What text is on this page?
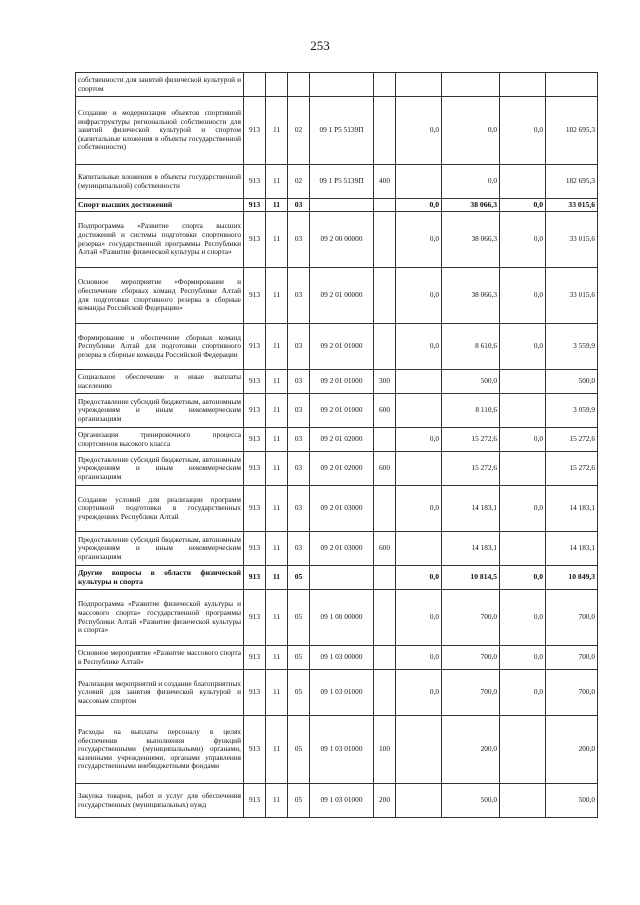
253
собственности для занятий физической культурой и спортом									
Создание и модернизация объектов спортивной инфраструктуры региональной собственности для занятий физической культурой и спортом (капитальные вложения в объекты государственной собственности)	913	11	02	09 1 P5 5139П		0,0	0,0	0,0	182 695,3
Капитальные вложения в объекты государственной (муниципальной) собственности	913	11	02	09 1 P5 5139П	400		0,0		182 695,3
Спорт высших достижений	913	11	03			0,0	38 066,3	0,0	33 015,6
Подпрограмма «Развитие спорта высших достижений и системы подготовки спортивного резерва» государственной программы Республики Алтай «Развитие физической культуры и спорта»	913	11	03	09 2 00 00000		0,0	38 066,3	0,0	33 015,6
Основное мероприятие «Формирование и обеспечение сборных команд Республики Алтай для подготовки спортивного резерва в сборные команды Российской Федерации»	913	11	03	09 2 01 00000		0,0	38 066,3	0,0	33 015,6
Формирование и обеспечение сборных команд Республики Алтай для подготовки спортивного резерва в сборные команды Российской Федерации	913	11	03	09 2 01 01000		0,0	8 610,6	0,0	3 559,9
Социальное обеспечение и иные выплаты населению	913	11	03	09 2 01 01000	300		500,0		500,0
Предоставление субсидий бюджетным, автономным учреждениям и иным некоммерческим организациям	913	11	03	09 2 01 01000	600		8 110,6		3 059,9
Организация тренировочного процесса спортсменов высокого класса	913	11	03	09 2 01 02000		0,0	15 272,6	0,0	15 272,6
Предоставление субсидий бюджетным, автономным учреждениям и иным некоммерческим организациям	913	11	03	09 2 01 02000	600		15 272,6		15 272,6
Создание условий для реализации программ спортивной подготовки в государственных учреждениях Республики Алтай	913	11	03	09 2 01 03000		0,0	14 183,1	0,0	14 183,1
Предоставление субсидий бюджетным, автономным учреждениям и иным некоммерческим организациям	913	11	03	09 2 01 03000	600		14 183,1		14 183,1
Другие вопросы в области физической культуры и спорта	913	11	05			0,0	10 814,5	0,0	10 849,3
Подпрограмма «Развитие физической культуры и массового спорта» государственной программы Республики Алтай «Развитие физической культуры и спорта»	913	11	05	09 1 00 00000		0,0	700,0	0,0	700,0
Основное мероприятие «Развитие массового спорта в Республике Алтай»	913	11	05	09 1 03 00000		0,0	700,0	0,0	700,0
Реализация мероприятий и создание благоприятных условий для занятия физической культурой и массовым спортом	913	11	05	09 1 03 01000		0,0	700,0	0,0	700,0
Расходы на выплаты персоналу в целях обеспечения выполнения функций государственными (муниципальными) органами, казенными учреждениями, органами управления государственными внебюджетными фондами	913	11	05	09 1 03 01000	100		200,0		200,0
Закупка товаров, работ и услуг для обеспечения государственных (муниципальных) нужд	913	11	05	09 1 03 01000	200		500,0		500,0
